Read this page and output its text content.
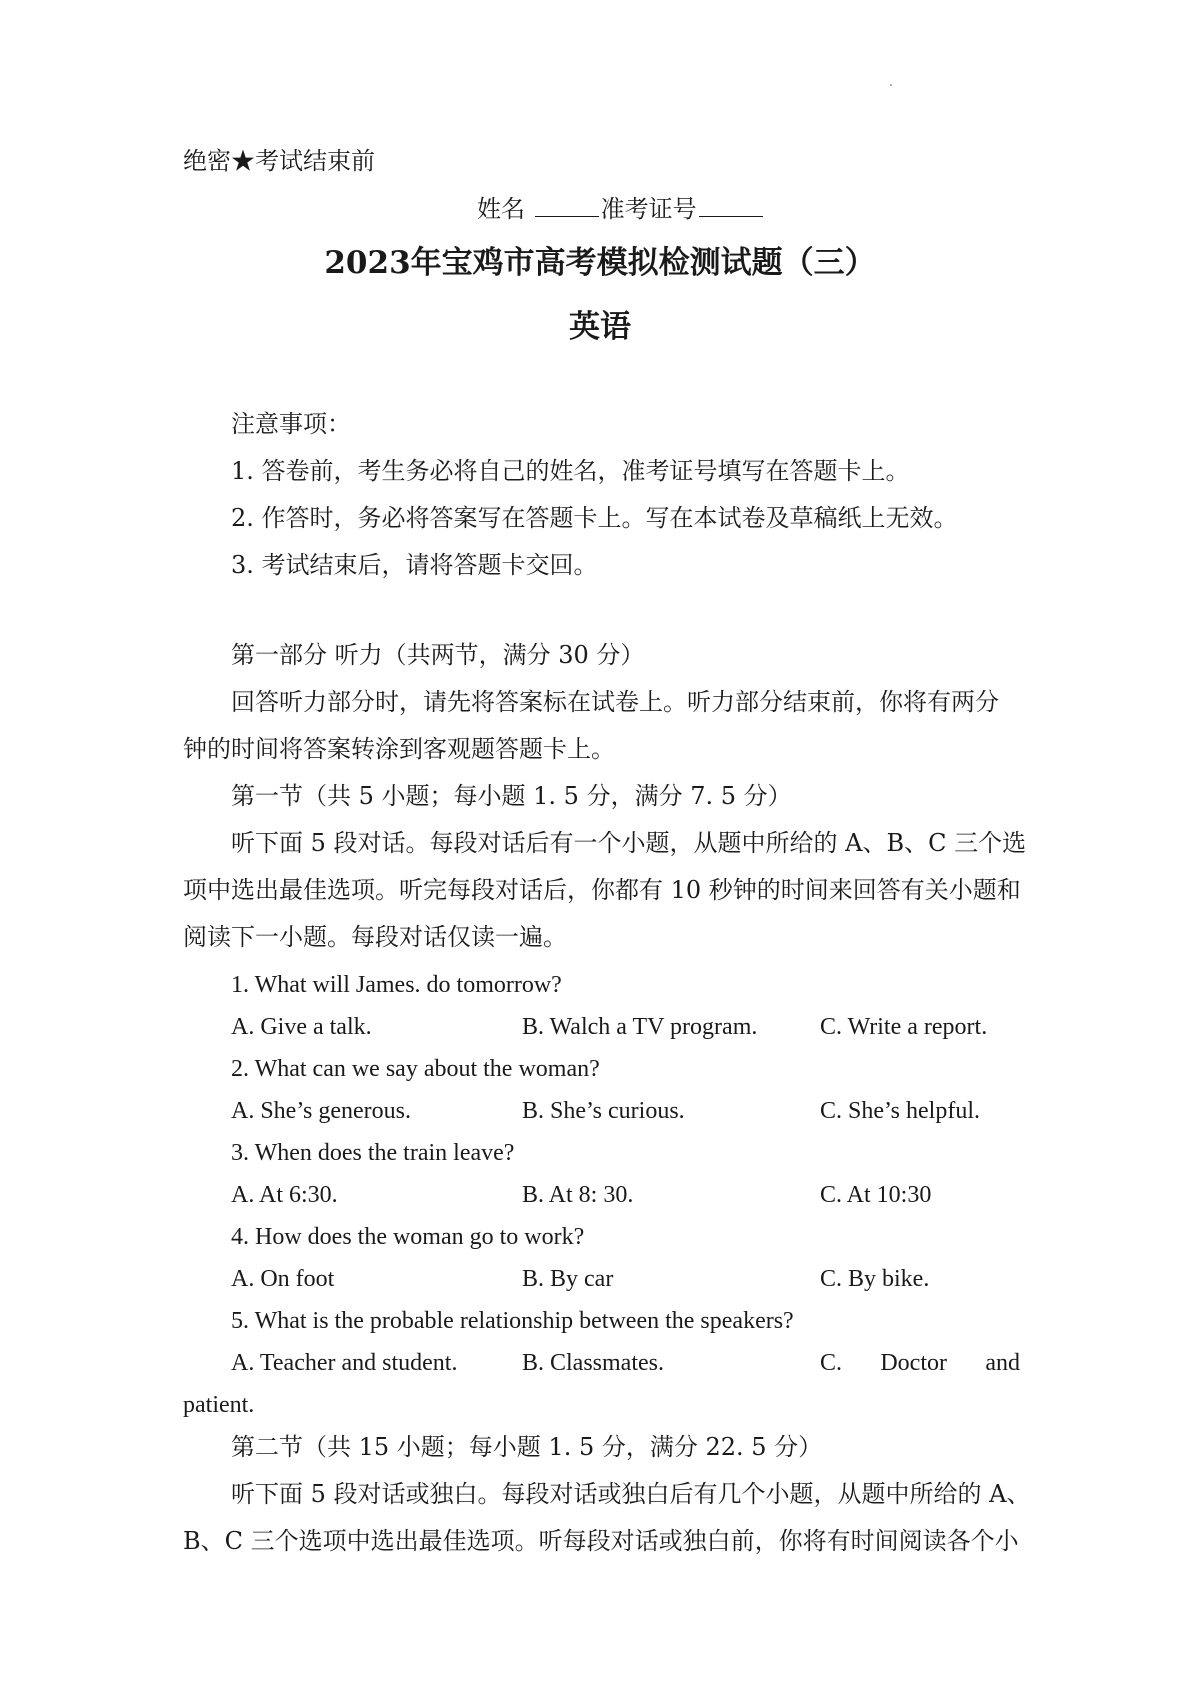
绝密★考试结束前
姓名	准考证号
2023年宝鸡市高考模拟检测试题（三）
英语
注意事项：
1. 答卷前，考生务必将自己的姓名，准考证号填写在答题卡上。
2. 作答时，务必将答案写在答题卡上。写在本试卷及草稿纸上无效。
3. 考试结束后，请将答题卡交回。
第一部分 听力（共两节，满分 30 分）
回答听力部分时，请先将答案标在试卷上。听力部分结束前，你将有两分
钟的时间将答案转涂到客观题答题卡上。
第一节（共 5 小题；每小题 1. 5 分，满分 7. 5 分）
听下面 5 段对话。每段对话后有一个小题，从题中所给的 A、B、C 三个选
项中选出最佳选项。听完每段对话后，你都有 10 秒钟的时间来回答有关小题和
阅读下一小题。每段对话仅读一遍。
1. What will James. do tomorrow?
A. Give a talk.	B. Walch a TV program.	C. Write a report.
2. What can we say about the woman?
A. She’s generous.	B. She’s curious.	C. She’s helpful.
3. When does the train leave?
A. At 6:30.	B. At 8: 30.	C. At 10:30
4. How does the woman go to work?
A. On foot	B. By car	C. By bike.
5. What is the probable relationship between the speakers?
A. Teacher and student.	B. Classmates.	C. Doctor and
patient.
第二节（共 15 小题；每小题 1. 5 分，满分 22. 5 分）
听下面 5 段对话或独白。每段对话或独白后有几个小题，从题中所给的 A、
B、C 三个选项中选出最佳选项。听每段对话或独白前，你将有时间阅读各个小
